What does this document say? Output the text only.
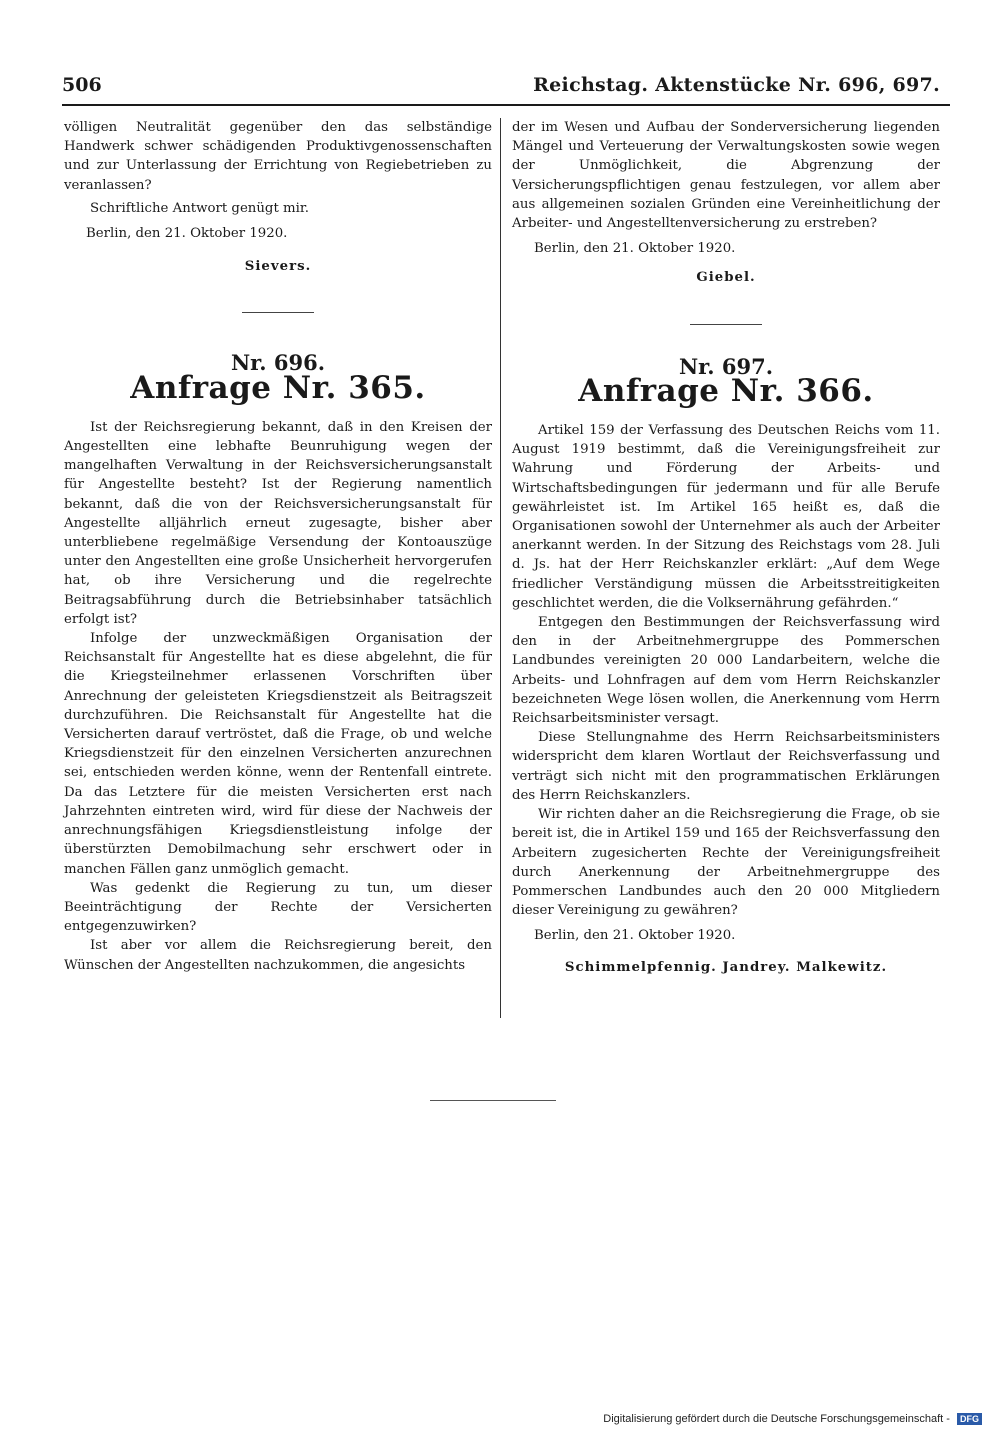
506	Reichstag. Aktenstücke Nr. 696, 697.

völligen Neutralität gegenüber den das selbständige Handwerk schwer schädigenden Produktivgenossenschaften und zur Unterlassung der Errichtung von Regiebetrieben zu veranlassen?

Schriftliche Antwort genügt mir.

Berlin, den 21. Oktober 1920.

Sievers.
Nr. 696.
Anfrage Nr. 365.

Ist der Reichsregierung bekannt, daß in den Kreisen der Angestellten eine lebhafte Beunruhigung wegen der mangelhaften Verwaltung in der Reichsversicherungsanstalt für Angestellte besteht? Ist der Regierung namentlich bekannt, daß die von der Reichsversicherungsanstalt für Angestellte alljährlich erneut zugesagte, bisher aber unterbliebene regelmäßige Versendung der Kontoauszüge unter den Angestellten eine große Unsicherheit hervorgerufen hat, ob ihre Versicherung und die regelrechte Beitragsabführung durch die Betriebsinhaber tatsächlich erfolgt ist?

Infolge der unzweckmäßigen Organisation der Reichsanstalt für Angestellte hat es diese abgelehnt, die für die Kriegsteilnehmer erlassenen Vorschriften über Anrechnung der geleisteten Kriegsdienstzeit als Beitragszeit durchzuführen. Die Reichsanstalt für Angestellte hat die Versicherten darauf vertröstet, daß die Frage, ob und welche Kriegsdienstzeit für den einzelnen Versicherten anzurechnen sei, entschieden werden könne, wenn der Rentenfall eintrete. Da das Letztere für die meisten Versicherten erst nach Jahrzehnten eintreten wird, wird für diese der Nachweis der anrechnungsfähigen Kriegsdienstleistung infolge der überstürzten Demobilmachung sehr erschwert oder in manchen Fällen ganz unmöglich gemacht.

Was gedenkt die Regierung zu tun, um dieser Beeinträchtigung der Rechte der Versicherten entgegenzuwirken?

Ist aber vor allem die Reichsregierung bereit, den Wünschen der Angestellten nachzukommen, die angesichts

der im Wesen und Aufbau der Sonderversicherung liegenden Mängel und Verteuerung der Verwaltungskosten sowie wegen der Unmöglichkeit, die Abgrenzung der Versicherungspflichtigen genau festzulegen, vor allem aber aus allgemeinen sozialen Gründen eine Vereinheitlichung der Arbeiter- und Angestelltenversicherung zu erstreben?

Berlin, den 21. Oktober 1920.

Giebel.
Nr. 697.
Anfrage Nr. 366.

Artikel 159 der Verfassung des Deutschen Reichs vom 11. August 1919 bestimmt, daß die Vereinigungsfreiheit zur Wahrung und Förderung der Arbeits- und Wirtschaftsbedingungen für jedermann und für alle Berufe gewährleistet ist. Im Artikel 165 heißt es, daß die Organisationen sowohl der Unternehmer als auch der Arbeiter anerkannt werden. In der Sitzung des Reichstags vom 28. Juli d. Js. hat der Herr Reichskanzler erklärt: „Auf dem Wege friedlicher Verständigung müssen die Arbeitsstreitigkeiten geschlichtet werden, die die Volksernährung gefährden.“

Entgegen den Bestimmungen der Reichsverfassung wird den in der Arbeitnehmergruppe des Pommerschen Landbundes vereinigten 20 000 Landarbeitern, welche die Arbeits- und Lohnfragen auf dem vom Herrn Reichskanzler bezeichneten Wege lösen wollen, die Anerkennung vom Herrn Reichsarbeitsminister versagt.

Diese Stellungnahme des Herrn Reichsarbeitsministers widerspricht dem klaren Wortlaut der Reichsverfassung und verträgt sich nicht mit den programmatischen Erklärungen des Herrn Reichskanzlers.

Wir richten daher an die Reichsregierung die Frage, ob sie bereit ist, die in Artikel 159 und 165 der Reichsverfassung den Arbeitern zugesicherten Rechte der Vereinigungsfreiheit durch Anerkennung der Arbeitnehmergruppe des Pommerschen Landbundes auch den 20 000 Mitgliedern dieser Vereinigung zu gewähren?

Berlin, den 21. Oktober 1920.

Schimmelpfennig. Jandrey. Malkewitz.
Digitalisierung gefördert durch die Deutsche Forschungsgemeinschaft - DFG
